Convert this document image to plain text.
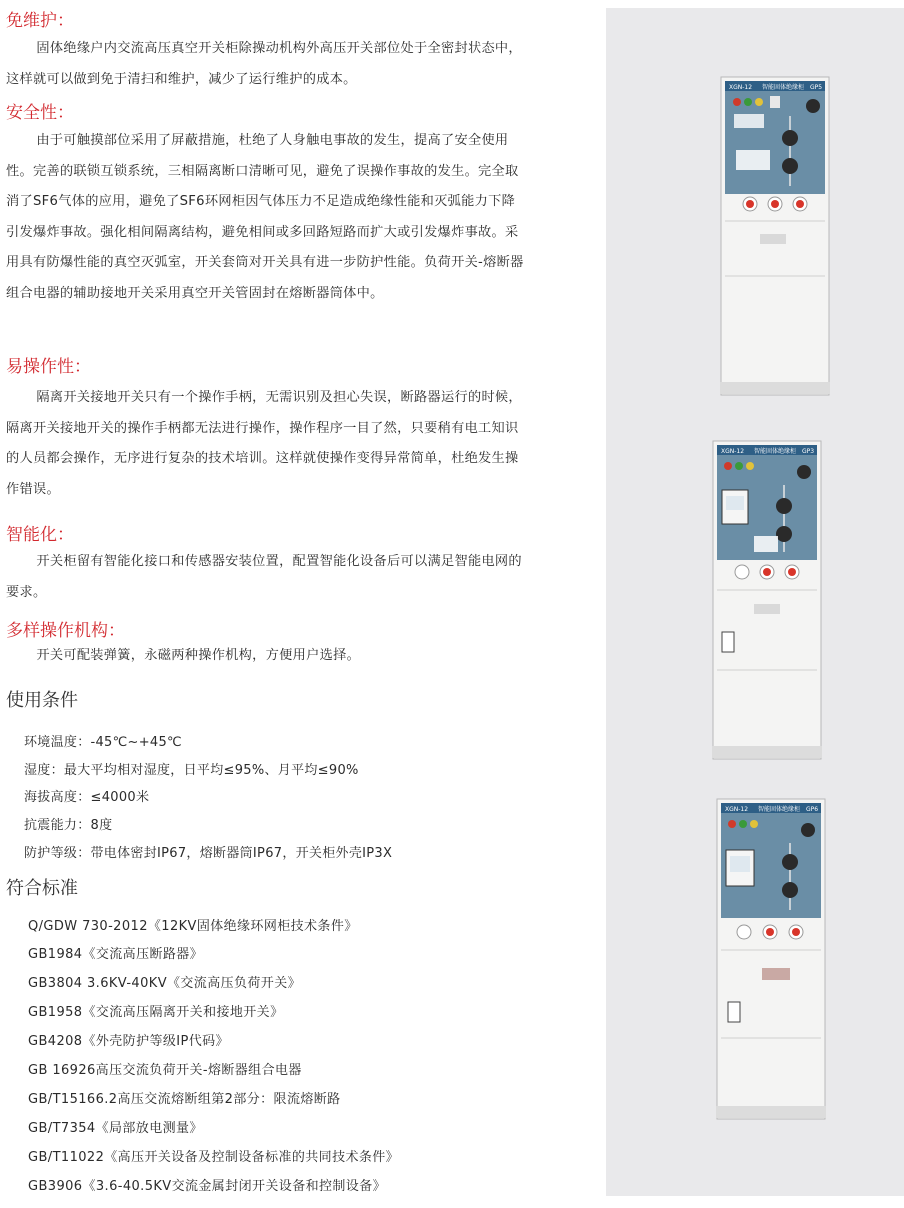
免维护：
固体绝缘户内交流高压真空开关柜除操动机构外高压开关部位处于全密封状态中，这样就可以做到免于清扫和维护，减少了运行维护的成本。
安全性：
由于可触摸部位采用了屏蔽措施，杜绝了人身触电事故的发生，提高了安全使用性。完善的联锁互锁系统，三相隔离断口清晰可见，避免了误操作事故的发生。完全取消了SF6气体的应用，避免了SF6环网柜因气体压力不足造成绝缘性能和灭弧能力下降引发爆炸事故。强化相间隔离结构，避免相间或多回路短路而扩大或引发爆炸事故。采用具有防爆性能的真空灭弧室，开关套筒对开关具有进一步防护性能。负荷开关-熔断器组合电器的辅助接地开关采用真空开关管固封在熔断器筒体中。
易操作性：
隔离开关接地开关只有一个操作手柄，无需识别及担心失误，断路器运行的时候，隔离开关接地开关的操作手柄都无法进行操作，操作程序一目了然，只要稍有电工知识的人员都会操作，无序进行复杂的技术培训。这样就使操作变得异常简单，杜绝发生操作错误。
智能化：
开关柜留有智能化接口和传感器安装位置，配置智能化设备后可以满足智能电网的要求。
多样操作机构：
开关可配装弹簧，永磁两种操作机构，方便用户选择。
使用条件
环境温度：-45℃~+45℃
湿度：最大平均相对湿度，日平均≤95%、月平均≤90%
海拔高度：≤4000米
抗震能力：8度
防护等级：带电体密封IP67，熔断器筒IP67，开关柜外壳IP3X
符合标准
Q/GDW 730-2012《12KV固体绝缘环网柜技术条件》
GB1984《交流高压断路器》
GB3804 3.6KV-40KV《交流高压负荷开关》
GB1958《交流高压隔离开关和接地开关》
GB4208《外壳防护等级IP代码》
GB 16926高压交流负荷开关-熔断器组合电器
GB/T15166.2高压交流熔断组第2部分：限流熔断路
GB/T7354《局部放电测量》
GB/T11022《高压开关设备及控制设备标准的共同技术条件》
GB3906《3.6-40.5KV交流金属封闭开关设备和控制设备》
XGN-12 智能固体绝缘柜 GP5
XGN-12 智能固体绝缘柜 GP3
XGN-12 智能固体绝缘柜 GP6
